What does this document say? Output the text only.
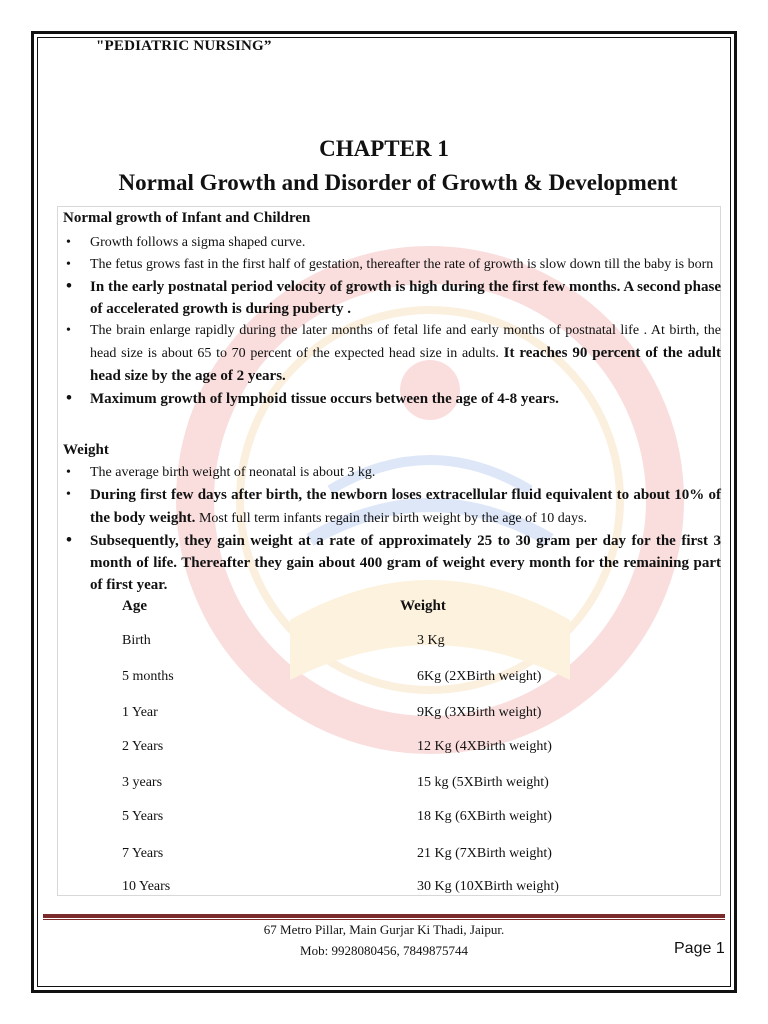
"PEDIATRIC NURSING”
CHAPTER 1
Normal Growth and Disorder of Growth & Development
Normal growth of Infant and Children
• Growth follows a sigma shaped curve.
• The fetus grows fast in the first half of gestation, thereafter the rate of growth is slow down till the baby is born
• In the early postnatal period velocity of growth is high during the first few months. A second phase of accelerated growth is during puberty .
• The brain enlarge rapidly during the later months of fetal life and early months of postnatal life . At birth, the head size is about 65 to 70 percent of the expected head size in adults. It reaches 90 percent of the adult head size by the age of 2 years.
• Maximum growth of lymphoid tissue occurs between the age of 4-8 years.
Weight
• The average birth weight of neonatal is about 3 kg.
• During first few days after birth, the newborn loses extracellular fluid equivalent to about 10% of the body weight. Most full term infants regain their birth weight by the age of 10 days.
• Subsequently, they gain weight at a rate of approximately 25 to 30 gram per day for the first 3 month of life. Thereafter they gain about 400 gram of weight every month for the remaining part of first year.
Age	Weight
Birth	3 Kg
5 months	6Kg (2XBirth weight)
1 Year	9Kg (3XBirth weight)
2 Years	12 Kg (4XBirth weight)
3 years	15 kg (5XBirth weight)
5 Years	18 Kg (6XBirth weight)
7 Years	21 Kg (7XBirth weight)
10 Years	30 Kg (10XBirth weight)
67 Metro Pillar, Main Gurjar Ki Thadi, Jaipur.
Mob: 9928080456, 7849875744	Page 1
